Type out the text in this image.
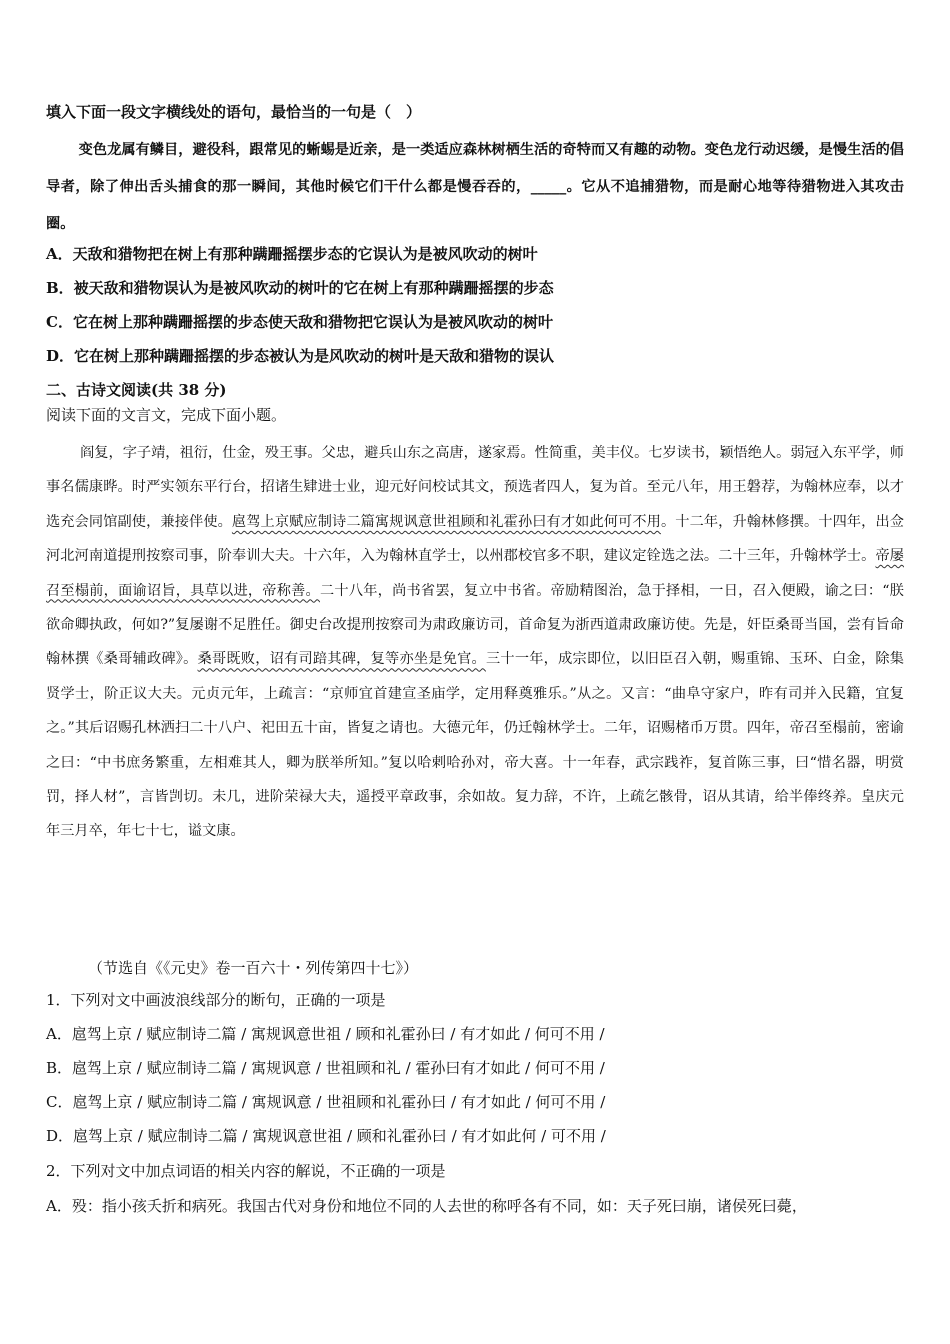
填入下面一段文字横线处的语句，最恰当的一句是（　）
变色龙属有鳞目，避役科，跟常见的蜥蜴是近亲，是一类适应森林树栖生活的奇特而又有趣的动物。变色龙行动迟缓，是慢生活的倡导者，除了伸出舌头捕食的那一瞬间，其他时候它们干什么都是慢吞吞的，_____。它从不追捕猎物，而是耐心地等待猎物进入其攻击圈。
A．天敌和猎物把在树上有那种蹒跚摇摆步态的它误认为是被风吹动的树叶
B．被天敌和猎物误认为是被风吹动的树叶的它在树上有那种蹒跚摇摆的步态
C．它在树上那种蹒跚摇摆的步态使天敌和猎物把它误认为是被风吹动的树叶
D．它在树上那种蹒跚摇摆的步态被认为是风吹动的树叶是天敌和猎物的误认
二、古诗文阅读(共 38 分)
阅读下面的文言文，完成下面小题。
阎复，字子靖，祖衍，仕金，殁王事。父忠，避兵山东之高唐，遂家焉。性简重，美丰仪。七岁读书，颖悟绝人。弱冠入东平学，师事名儒康晔。时严实领东平行台，招诸生肄进士业，迎元好问校试其文，预选者四人，复为首。至元八年，用王磐荐，为翰林应奉，以才选充会同馆副使，兼接伴使。扈驾上京赋应制诗二篇寓规讽意世祖顾和礼霍孙曰有才如此何可不用。十二年，升翰林修撰。十四年，出佥河北河南道提刑按察司事，阶奉训大夫。十六年，入为翰林直学士，以州郡校官多不职，建议定铨选之法。二十三年，升翰林学士。帝屡召至榻前，面谕诏旨，具草以进，帝称善。二十八年，尚书省罢，复立中书省。帝励精图治，急于择相，一日，召入便殿，谕之曰：“朕欲命卿执政，何如?”复屡谢不足胜任。御史台改提刑按察司为肃政廉访司，首命复为浙西道肃政廉访使。先是，奸臣桑哥当国，尝有旨命翰林撰《桑哥辅政碑》。桑哥既败，诏有司踣其碑，复等亦坐是免官。三十一年，成宗即位，以旧臣召入朝，赐重锦、玉环、白金，除集贤学士，阶正议大夫。元贞元年，上疏言：“京师宜首建宣圣庙学，定用释奠雅乐。”从之。又言：“曲阜守家户，昨有司并入民籍，宜复之。”其后诏赐孔林洒扫二十八户、祀田五十亩，皆复之请也。大德元年，仍迁翰林学士。二年，诏赐楮币万贯。四年，帝召至榻前，密谕之曰：“中书庶务繁重，左相难其人，卿为朕举所知。”复以哈剌哈孙对，帝大喜。十一年春，武宗践祚，复首陈三事，曰“惜名器，明赏罚，择人材”，言皆剀切。未几，进阶荣禄大夫，遥授平章政事，余如故。复力辞，不许，上疏乞骸骨，诏从其请，给半俸终养。皇庆元年三月卒，年七十七，谥文康。
（节选自《《元史》卷一百六十・列传第四十七》）
1．下列对文中画波浪线部分的断句，正确的一项是
A．扈驾上京 / 赋应制诗二篇 / 寓规讽意世祖 / 顾和礼霍孙曰 / 有才如此 / 何可不用 /
B．扈驾上京 / 赋应制诗二篇 / 寓规讽意 / 世祖顾和礼 / 霍孙曰有才如此 / 何可不用 /
C．扈驾上京 / 赋应制诗二篇 / 寓规讽意 / 世祖顾和礼霍孙曰 / 有才如此 / 何可不用 /
D．扈驾上京 / 赋应制诗二篇 / 寓规讽意世祖 / 顾和礼霍孙曰 / 有才如此何 / 可不用 /
2．下列对文中加点词语的相关内容的解说，不正确的一项是
A．殁：指小孩夭折和病死。我国古代对身份和地位不同的人去世的称呼各有不同，如：天子死曰崩，诸侯死曰薨，
